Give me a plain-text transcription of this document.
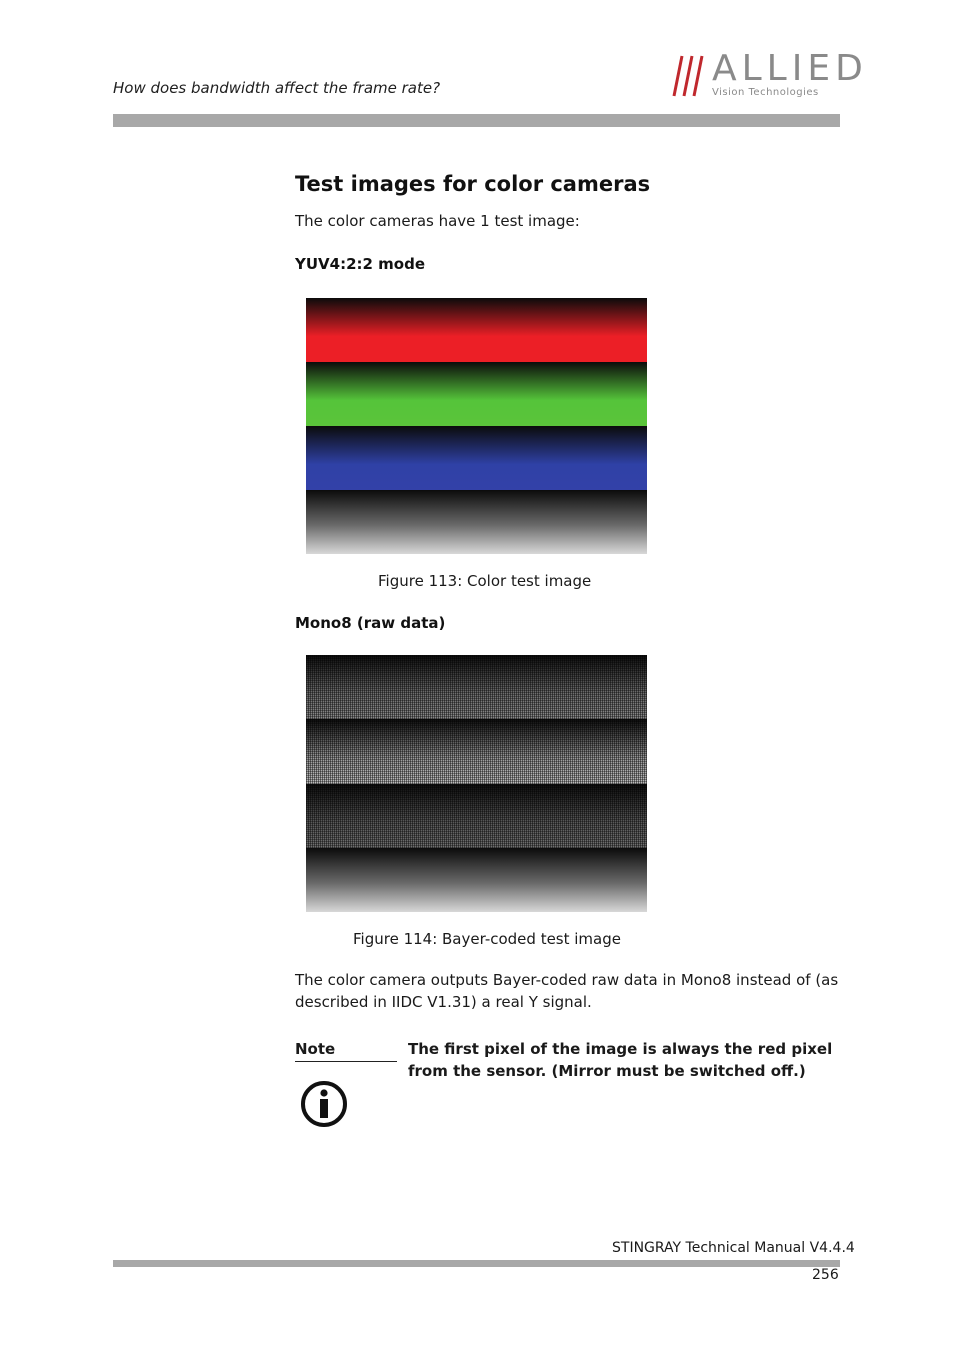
How does bandwidth affect the frame rate?	ALLIED
Vision Technologies
Test images for color cameras
The color cameras have 1 test image:
YUV4:2:2 mode
Figure 113: Color test image
Mono8 (raw data)
Figure 114: Bayer-coded test image
The color camera outputs Bayer-coded raw data in Mono8 instead of (as described in IIDC V1.31) a real Y signal.
Note	The first pixel of the image is always the red pixel from the sensor. (Mirror must be switched off.)
STINGRAY Technical Manual V4.4.4
256
